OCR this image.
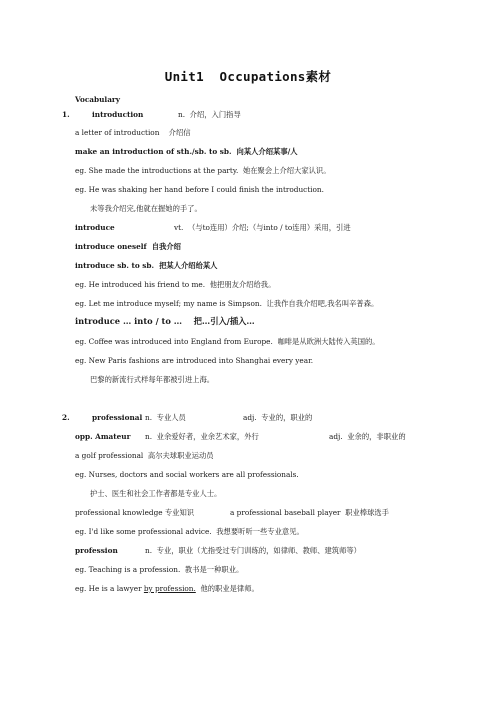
Unit1  Occupations素材
Vocabulary
1.	introduction	n.  介绍，入门指导
a letter of introduction    介绍信
make an introduction of sth./sb. to sb.  向某人介绍某事/人
eg. She made the introductions at the party.  她在聚会上介绍大家认识。
eg. He was shaking her hand before I could finish the introduction.
未等我介绍完,他就在握她的手了。
introduce	vt.  （与to连用）介绍;（与into / to连用）采用，引进
introduce oneself  自我介绍
introduce sb. to sb.  把某人介绍给某人
eg. He introduced his friend to me.  他把朋友介绍给我。
eg. Let me introduce myself; my name is Simpson.  让我作自我介绍吧,我名叫辛普森。
introduce … into / to …    把…引入/插入…
eg. Coffee was introduced into England from Europe.  咖啡是从欧洲大陆传入英国的。
eg. New Paris fashions are introduced into Shanghai every year.
巴黎的新流行式样每年都被引进上海。
2.	professional n.  专业人员	adj.  专业的，职业的
opp. Amateur n.  业余爱好者，业余艺术家，外行	adj.  业余的，非职业的
a golf professional  高尔夫球职业运动员
eg. Nurses, doctors and social workers are all professionals.
护士、医生和社会工作者都是专业人士。
professional knowledge 专业知识	a professional baseball player  职业棒球选手
eg. I'd like some professional advice.  我想要听听一些专业意见。
profession	n.  专业，职业（尤指受过专门训练的，如律师、教师、建筑师等）
eg. Teaching is a profession.  教书是一种职业。
eg. He is a lawyer by profession.  他的职业是律师。
